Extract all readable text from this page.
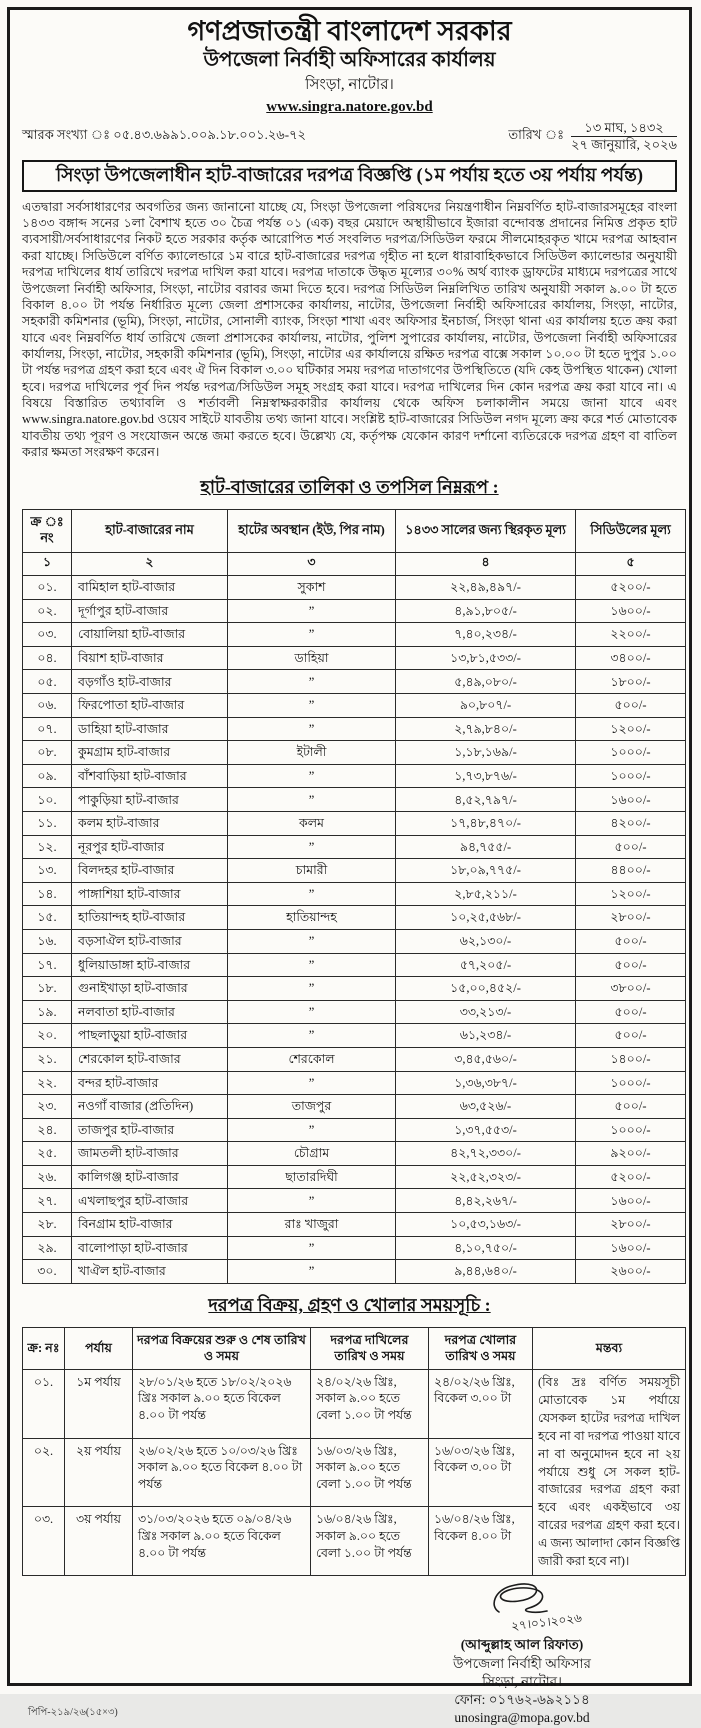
গণপ্রজাতন্ত্রী বাংলাদেশ সরকার

উপজেলা নির্বাহী অফিসারের কার্যালয়

সিংড়া, নাটোর।

www.singra.natore.gov.bd
স্মারক সংখ্যা ঃ ০৫.৪৩.৬৯৯১.০০৯.১৮.০০১.২৬-৭২	তারিখ ঃ $\frac{\text{১৩ মাঘ, ১৪৩২}}{\text{২৭ জানুয়ারি, ২০২৬}}$
সিংড়া উপজেলাধীন হাট-বাজারের দরপত্র বিজ্ঞপ্তি (১ম পর্যায় হতে ৩য় পর্যায় পর্যন্ত)

এতদ্বারা সর্বসাধারণের অবগতির জন্য জানানো যাচ্ছে যে, সিংড়া উপজেলা পরিষদের নিয়ন্ত্রণাধীন নিম্নবর্ণিত হাট-বাজারসমূহের বাংলা ১৪৩৩ বঙ্গাব্দ সনের ১লা বৈশাখ হতে ৩০ চৈত্র পর্যন্ত ০১ (এক) বছর মেয়াদে অস্থায়ীভাবে ইজারা বন্দোবস্ত প্রদানের নিমিত্ত প্রকৃত হাট ব্যবসায়ী/সর্বসাধারণের নিকট হতে সরকার কর্তৃক আরোপিত শর্ত সংবলিত দরপত্র/সিডিউল ফরমে সীলমোহরকৃত খামে দরপত্র আহবান করা যাচ্ছে। সিডিউলে বর্ণিত ক্যালেন্ডারে ১ম বারে হাট-বাজারের দরপত্র গৃহীত না হলে ধারাবাহিকভাবে সিডিউল ক্যালেন্ডার অনুযায়ী দরপত্র দাখিলের ধার্য তারিখে দরপত্র দাখিল করা যাবে। দরপত্র দাতাকে উদ্ধৃত মূল্যের ৩০% অর্থ ব্যাংক ড্রাফটের মাধ্যমে দরপত্রের সাথে উপজেলা নির্বাহী অফিসার, সিংড়া, নাটোর বরাবর জমা দিতে হবে। দরপত্র সিডিউল নিম্নলিখিত তারিখ অনুযায়ী সকাল ৯.০০ টা হতে বিকাল ৪.০০ টা পর্যন্ত নির্ধারিত মূল্যে জেলা প্রশাসকের কার্যালয়, নাটোর, উপজেলা নির্বাহী অফিসারের কার্যালয়, সিংড়া, নাটোর, সহকারী কমিশনার (ভূমি), সিংড়া, নাটোর, সোনালী ব্যাংক, সিংড়া শাখা এবং অফিসার ইনচার্জ, সিংড়া থানা এর কার্যালয় হতে ক্রয় করা যাবে এবং নিম্নবর্ণিত ধার্য তারিখে জেলা প্রশাসকের কার্যালয়, নাটোর, পুলিশ সুপারের কার্যালয়, নাটোর, উপজেলা নির্বাহী অফিসারের কার্যালয়, সিংড়া, নাটোর, সহকারী কমিশনার (ভূমি), সিংড়া, নাটোর এর কার্যালয়ে রক্ষিত দরপত্র বাক্সে সকাল ১০.০০ টা হতে দুপুর ১.০০ টা পর্যন্ত দরপত্র গ্রহণ করা হবে এবং ঐ দিন বিকাল ৩.০০ ঘটিকার সময় দরপত্র দাতাগণের উপস্থিতিতে (যদি কেহ উপস্থিত থাকেন) খোলা হবে। দরপত্র দাখিলের পূর্ব দিন পর্যন্ত দরপত্র/সিডিউল সমূহ সংগ্রহ করা যাবে। দরপত্র দাখিলের দিন কোন দরপত্র ক্রয় করা যাবে না। এ বিষয়ে বিস্তারিত তথ্যাবলি ও শর্তাবলী নিম্নস্বাক্ষরকারীর কার্যালয় থেকে অফিস চলাকালীন সময়ে জানা যাবে এবং www.singra.natore.gov.bd ওয়েব সাইটে যাবতীয় তথ্য জানা যাবে। সংশ্লিষ্ট হাট-বাজারের সিডিউল নগদ মূল্যে ক্রয় করে শর্ত মোতাবেক যাবতীয় তথ্য পূরণ ও সংযোজন অন্তে জমা করতে হবে। উল্লেখ্য যে, কর্তৃপক্ষ যেকোন কারণ দর্শানো ব্যতিরেকে দরপত্র গ্রহণ বা বাতিল করার ক্ষমতা সংরক্ষণ করেন।

হাট-বাজারের তালিকা ও তপসিল নিম্নরূপ :
ক্র ঃ নং	হাট-বাজারের নাম	হাটের অবস্থান (ইউ, পির নাম)	১৪৩৩ সালের জন্য স্থিরকৃত মূল্য	সিডিউলের মূল্য
১	২	৩	৪	৫
০১.	বামিহাল হাট-বাজার	সুকাশ	২২,৪৯,৪৯৭/-	৫২০০/-
০২.	দূর্গাপুর হাট-বাজার	”	৪,৯১,৮০৫/-	১৬০০/-
০৩.	বোয়ালিয়া হাট-বাজার	”	৭,৪০,২৩৪/-	২২০০/-
০৪.	বিয়াশ হাট-বাজার	ডাহিয়া	১৩,৮১,৫৩৩/-	৩৪০০/-
০৫.	বড়গাঁও হাট-বাজার	”	৫,৪৯,০৮০/-	১৮০০/-
০৬.	ফিরপোতা হাট-বাজার	”	৯০,৮০৭/-	৫০০/-
০৭.	ডাহিয়া হাট-বাজার	”	২,৭৯,৮৪০/-	১২০০/-
০৮.	কুমগ্রাম হাট-বাজার	ইটালী	১,১৮,১৬৯/-	১০০০/-
০৯.	বাঁশবাড়িয়া হাট-বাজার	”	১,৭৩,৮৭৬/-	১০০০/-
১০.	পাকুড়িয়া হাট-বাজার	”	৪,৫২,৭৯৭/-	১৬০০/-
১১.	কলম হাট-বাজার	কলম	১৭,৪৮,৪৭০/-	৪২০০/-
১২.	নূরপুর হাট-বাজার	”	৯৪,৭৫৫/-	৫০০/-
১৩.	বিলদহর হাট-বাজার	চামারী	১৮,০৯,৭৭৫/-	৪৪০০/-
১৪.	পাঙ্গাশিয়া হাট-বাজার	”	২,৮৫,২১১/-	১২০০/-
১৫.	হাতিয়ান্দহ হাট-বাজার	হাতিয়ান্দহ	১০,২৫,৫৬৮/-	২৮০০/-
১৬.	বড়সাঐল হাট-বাজার	”	৬২,১৩০/-	৫০০/-
১৭.	ধুলিয়াডাঙ্গা হাট-বাজার	”	৫৭,২০৫/-	৫০০/-
১৮.	গুনাইখাড়া হাট-বাজার	”	১৫,০০,৪৫২/-	৩৮০০/-
১৯.	নলবাতা হাট-বাজার	”	৩৩,২১৩/-	৫০০/-
২০.	পাছলাড়ুয়া হাট-বাজার	”	৬১,২৩৪/-	৫০০/-
২১.	শেরকোল হাট-বাজার	শেরকোল	৩,৪৫,৫৬০/-	১৪০০/-
২২.	বন্দর হাট-বাজার	”	১,৩৬,৩৮৭/-	১০০০/-
২৩.	নওগাঁ বাজার (প্রতিদিন)	তাজপুর	৬৩,৫২৬/-	৫০০/-
২৪.	তাজপুর হাট-বাজার	”	১,৩৭,৫৫৩/-	১০০০/-
২৫.	জামতলী হাট-বাজার	চৌগ্রাম	৪২,৭২,৩৩০/-	৯২০০/-
২৬.	কালিগঞ্জ হাট-বাজার	ছাতারদিঘী	২২,৫২,৩২৩/-	৫২০০/-
২৭.	এখলাছপুর হাট-বাজার	”	৪,৪২,২৬৭/-	১৬০০/-
২৮.	বিনগ্রাম হাট-বাজার	রাঃ খাজুরা	১০,৫৩,১৬৩/-	২৮০০/-
২৯.	বালোপাড়া হাট-বাজার	”	৪,১০,৭৫০/-	১৬০০/-
৩০.	খাঐল হাট-বাজার	”	৯,৪৪,৬৪০/-	২৬০০/-
দরপত্র বিক্রয়, গ্রহণ ও খোলার সময়সূচি :
ক্র: নঃ	পর্যায়	দরপত্র বিক্রয়ের শুরু ও শেষ তারিখ ও সময়	দরপত্র দাখিলের তারিখ ও সময়	দরপত্র খোলার তারিখ ও সময়	মন্তব্য
০১.	১ম পর্যায়	২৮/০১/২৬ হতে ১৮/০২/২০২৬ খ্রিঃ সকাল ৯.০০ হতে বিকেল ৪.০০ টা পর্যন্ত	২৪/০২/২৬ খ্রিঃ, সকাল ৯.০০ হতে বেলা ১.০০ টা পর্যন্ত	২৪/০২/২৬ খ্রিঃ, বিকেল ৩.০০ টা	(বিঃ দ্রঃ বর্ণিত সময়সূচী মোতাবেক ১ম পর্যায়ে যেসকল হাটের দরপত্র দাখিল হবে না বা দরপত্র পাওয়া যাবে না বা অনুমোদন হবে না ২য় পর্যায়ে শুধু সে সকল হাট-বাজারের দরপত্র গ্রহণ করা হবে এবং একইভাবে ৩য় বারের দরপত্র গ্রহণ করা হবে। এ জন্য আলাদা কোন বিজ্ঞপ্তি জারী করা হবে না)।
০২.	২য় পর্যায়	২৬/০২/২৬ হতে ১০/০৩/২৬ খ্রিঃ সকাল ৯.০০ হতে বিকেল ৪.০০ টা পর্যন্ত	১৬/০৩/২৬ খ্রিঃ, সকাল ৯.০০ হতে বেলা ১.০০ টা পর্যন্ত	১৬/০৩/২৬ খ্রিঃ, বিকেল ৩.০০ টা	
০৩.	৩য় পর্যায়	৩১/০৩/২০২৬ হতে ০৯/০৪/২৬ খ্রিঃ সকাল ৯.০০ হতে বিকেল ৪.০০ টা পর্যন্ত	১৬/০৪/২৬ খ্রিঃ, সকাল ৯.০০ হতে বেলা ১.০০ টা পর্যন্ত	১৬/০৪/২৬ খ্রিঃ, বিকেল ৪.০০ টা	
২৭।০১।২০২৬
(আব্দুল্লাহ আল রিফাত)
উপজেলা নির্বাহী অফিসার
সিংড়া, নাটোর।
ফোন: ০১৭৬২-৬৯২১১৪
unosingra@mopa.gov.bd
পিপি-২১৯/২৬(১৫×৩)
